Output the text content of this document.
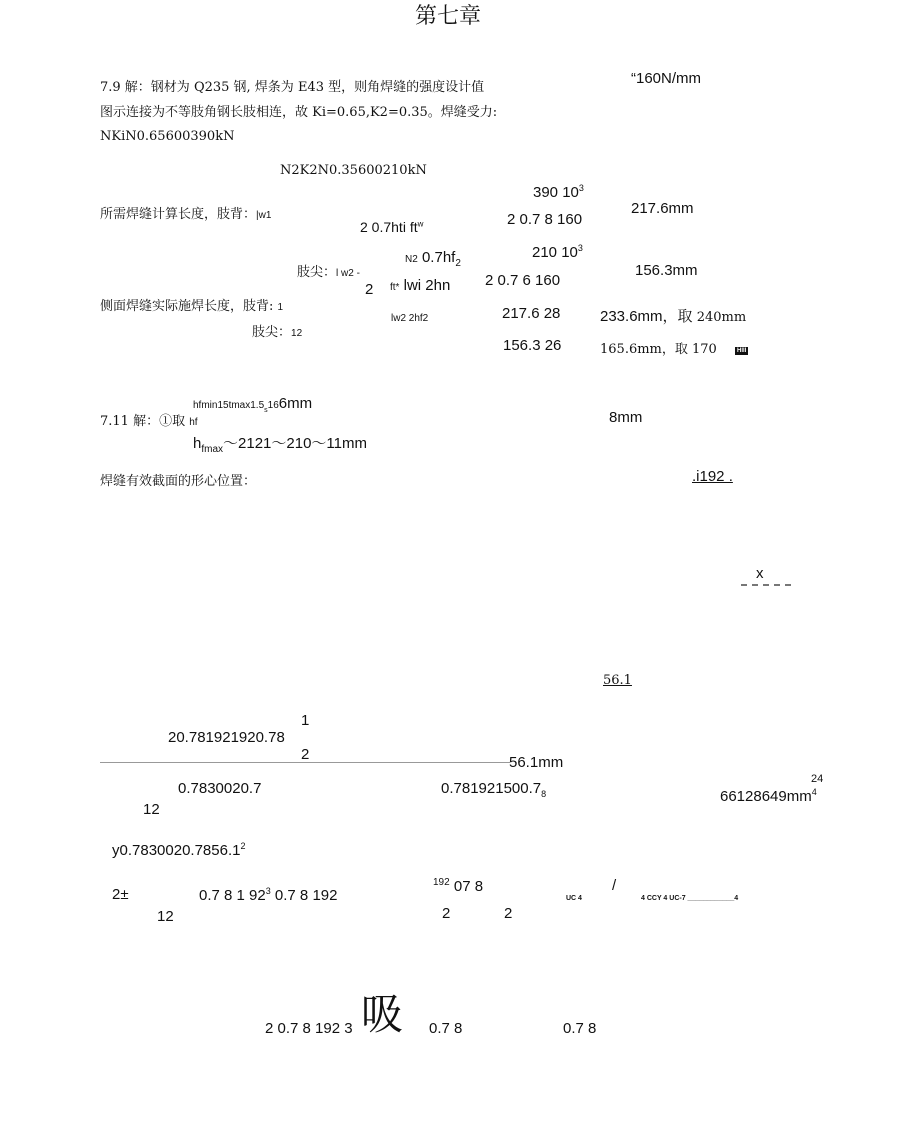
第七章
7.9 解：钢材为 Q235 钢, 焊条为 E43 型，则角焊缝的强度设计值
“160N/mm
图示连接为不等肢角钢长肢相连，故 Ki=0.65,K2=0.35。焊缝受力:
NKiN0.65600390kN
N2K2N0.35600210kN
390 $10^3$
所需焊缝计算长度，肢背：|w1
2 0.7hti $ft^w$	2 0.7 8 160
217.6mm
210 $10^3$
N2 $0.7hf_2$
肢尖：l w2 -
2 ft* lwi 2hn 2 0.7 6 160
156.3mm
侧面焊缝实际施焊长度，肢背: 1
lw2 2hf2	217.6 28	233.6mm，取 240mm
肢尖：12
156.3 26	165.6mm，取 170	HIII
$hfmin15tmax1.5_s166mm$
7.11 解：①取 hf	8mm
$h_{fmax}\sim 2121\sim 210\sim 11mm$
焊缝有效截面的形心位置：	.i192 .
x
56.1
1
20.781921920.78
2	56.1mm
0.7830020.7	$0.781921500.7_8$
24
$66128649mm^4$
12
y0.7830020.7856.1$^2$
2±	0.7 8 1 $92^3$ 0.7 8 192
12
$^{192}$ 07 8
2	2
UC 4
/
4 CCY 4 UC-7 ____________4
2 0.7 8 192 3 吸 0.7 8	0.7 8
